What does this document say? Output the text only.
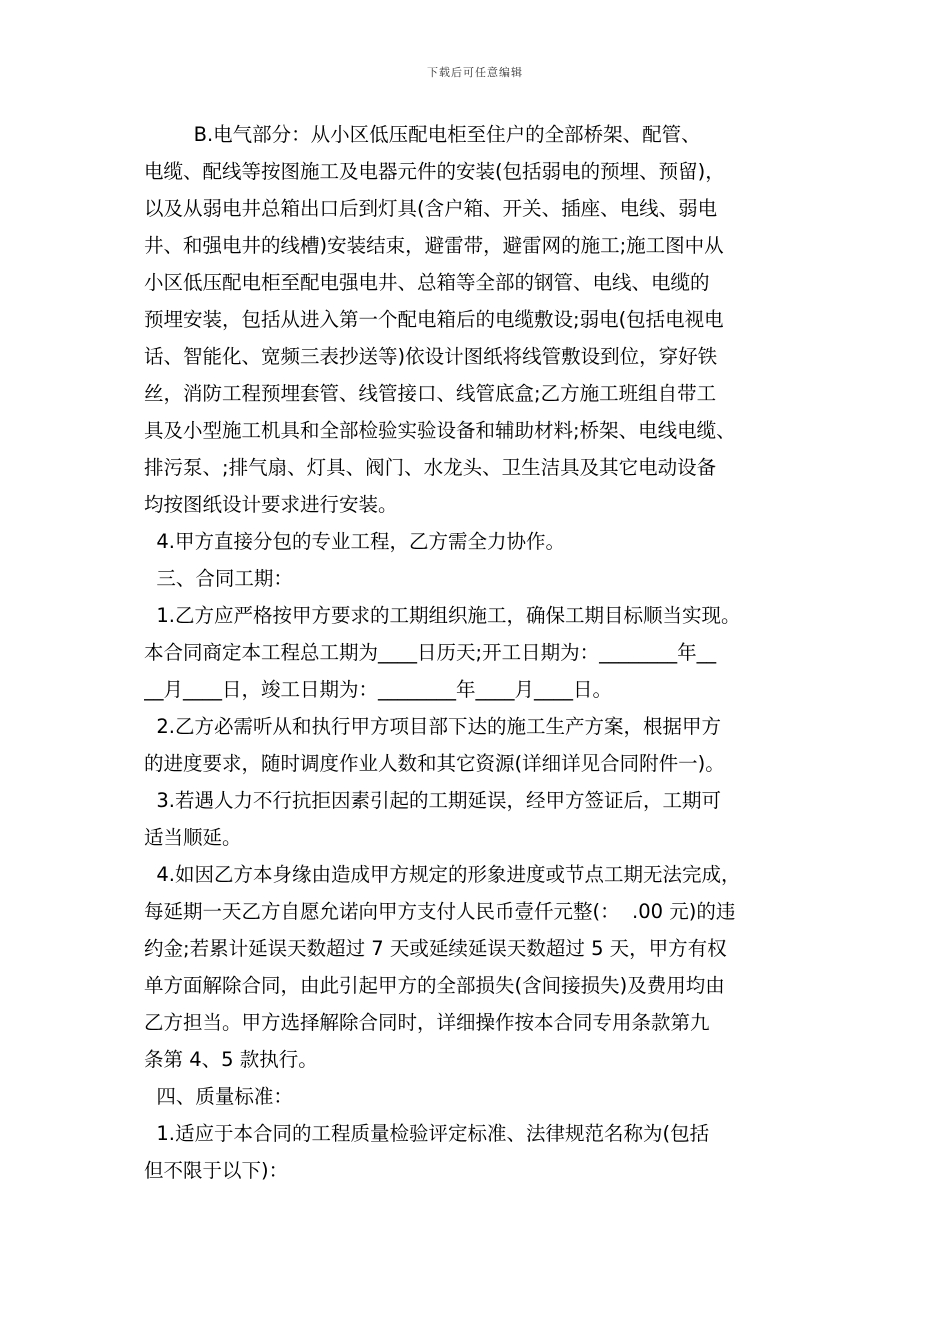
下载后可任意编辑

B.电气部分：从小区低压配电柜至住户的全部桥架、配管、

电缆、配线等按图施工及电器元件的安装(包括弱电的预埋、预留)，

以及从弱电井总箱出口后到灯具(含户箱、开关、插座、电线、弱电

井、和强电井的线槽)安装结束，避雷带，避雷网的施工;施工图中从

小区低压配电柜至配电强电井、总箱等全部的钢管、电线、电缆的

预埋安装，包括从进入第一个配电箱后的电缆敷设;弱电(包括电视电

话、智能化、宽频三表抄送等)依设计图纸将线管敷设到位，穿好铁

丝，消防工程预埋套管、线管接口、线管底盒;乙方施工班组自带工

具及小型施工机具和全部检验实验设备和辅助材料;桥架、电线电缆、

排污泵、;排气扇、灯具、阀门、水龙头、卫生洁具及其它电动设备

均按图纸设计要求进行安装。

4.甲方直接分包的专业工程，乙方需全力协作。

三、合同工期：

1.乙方应严格按甲方要求的工期组织施工，确保工期目标顺当实现。

本合同商定本工程总工期为____日历天;开工日期为：________年__

__月____日，竣工日期为：________年____月____日。

2.乙方必需听从和执行甲方项目部下达的施工生产方案，根据甲方

的进度要求，随时调度作业人数和其它资源(详细详见合同附件一)。

3.若遇人力不行抗拒因素引起的工期延误，经甲方签证后，工期可

适当顺延。

4.如因乙方本身缘由造成甲方规定的形象进度或节点工期无法完成，

每延期一天乙方自愿允诺向甲方支付人民币壹仟元整(：  .00 元)的违

约金;若累计延误天数超过 7 天或延续延误天数超过 5 天，甲方有权

单方面解除合同，由此引起甲方的全部损失(含间接损失)及费用均由

乙方担当。甲方选择解除合同时，详细操作按本合同专用条款第九

条第 4、5 款执行。

四、质量标准：

1.适应于本合同的工程质量检验评定标准、法律规范名称为(包括

但不限于以下)：
